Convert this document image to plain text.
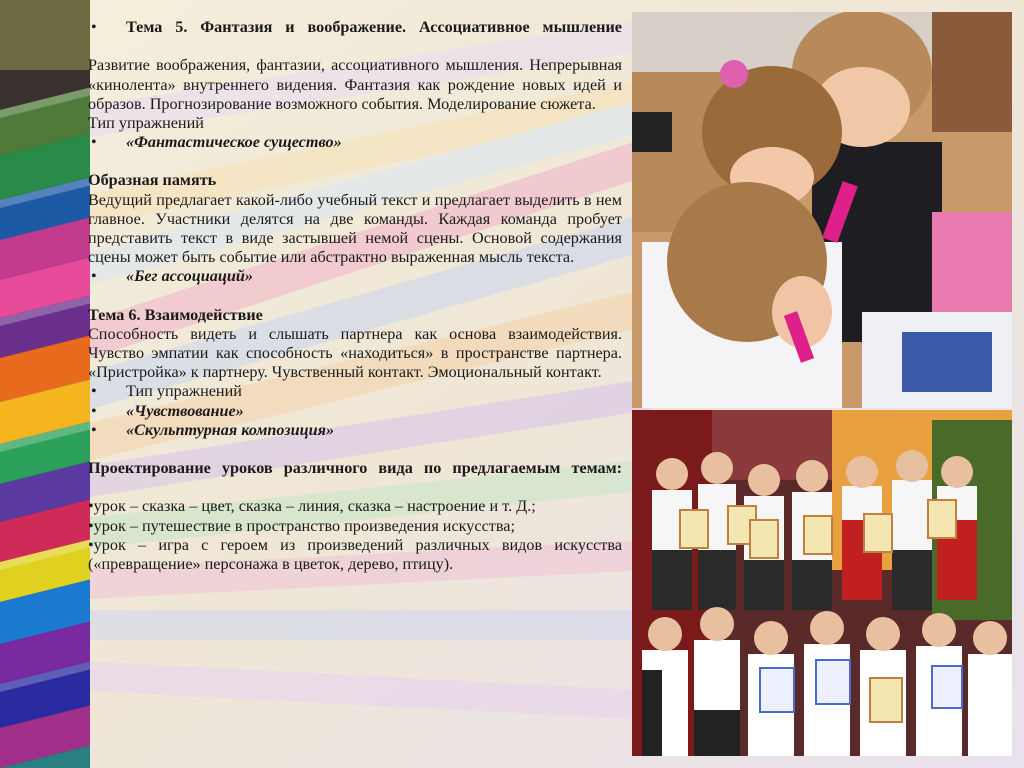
• Тема 5. Фантазия и воображение. Ассоциативное мышление

Развитие воображения, фантазии, ассоциативного мышления. Непрерывная «кинолента» внутреннего видения. Фантазия как рождение новых идей и образов. Прогнозирование возможного события. Моделирование сюжета.

Тип упражнений

• «Фантастическое существо»

Образная память

Ведущий предлагает какой-либо учебный текст и предлагает выделить в нем главное. Участники делятся на две команды. Каждая команда пробует представить текст в виде застывшей немой сцены. Основой содержания сцены может быть событие или абстрактно выраженная мысль текста.

• «Бег ассоциаций»

Тема 6. Взаимодействие

Способность видеть и слышать партнера как основа взаимодействия. Чувство эмпатии как способность «находиться» в пространстве партнера. «Пристройка» к партнеру. Чувственный контакт. Эмоциональный контакт.

• Тип упражнений

• «Чувствование»

• «Скульптурная композиция»

Проектирование уроков различного вида по предлагаемым темам:

•урок – сказка – цвет, сказка – линия, сказка – настроение и т. Д.;

•урок – путешествие в пространство произведения искусства;

•урок – игра с героем из произведений различных видов искусства («превращение» персонажа в цветок, дерево, птицу).
